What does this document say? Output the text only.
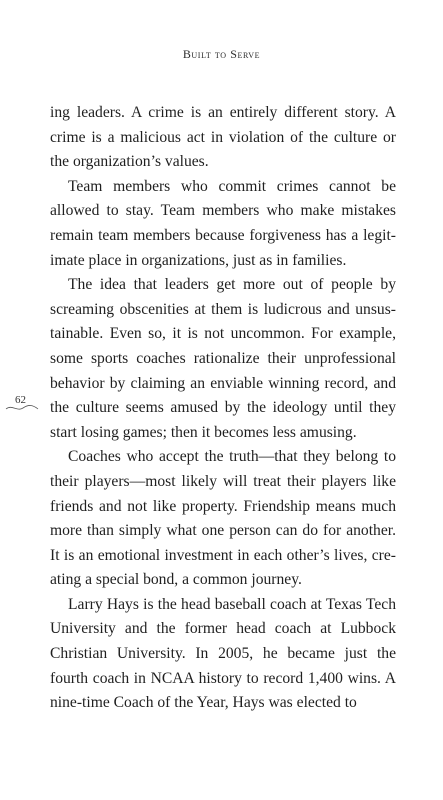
Built to Serve
62

ing leaders. A crime is an entirely different story. A crime is a malicious act in violation of the culture or the organization’s values.

Team members who commit crimes cannot be allowed to stay. Team members who make mistakes remain team members because forgiveness has a legitimate place in organizations, just as in families.

The idea that leaders get more out of people by screaming obscenities at them is ludicrous and unsustainable. Even so, it is not uncommon. For example, some sports coaches rationalize their unprofessional behavior by claiming an enviable winning record, and the culture seems amused by the ideology until they start losing games; then it becomes less amusing.

Coaches who accept the truth—that they belong to their players—most likely will treat their players like friends and not like property. Friendship means much more than simply what one person can do for another. It is an emotional investment in each other’s lives, creating a special bond, a common journey.

Larry Hays is the head baseball coach at Texas Tech University and the former head coach at Lubbock Christian University. In 2005, he became just the fourth coach in NCAA history to record 1,400 wins. A nine-time Coach of the Year, Hays was elected to
